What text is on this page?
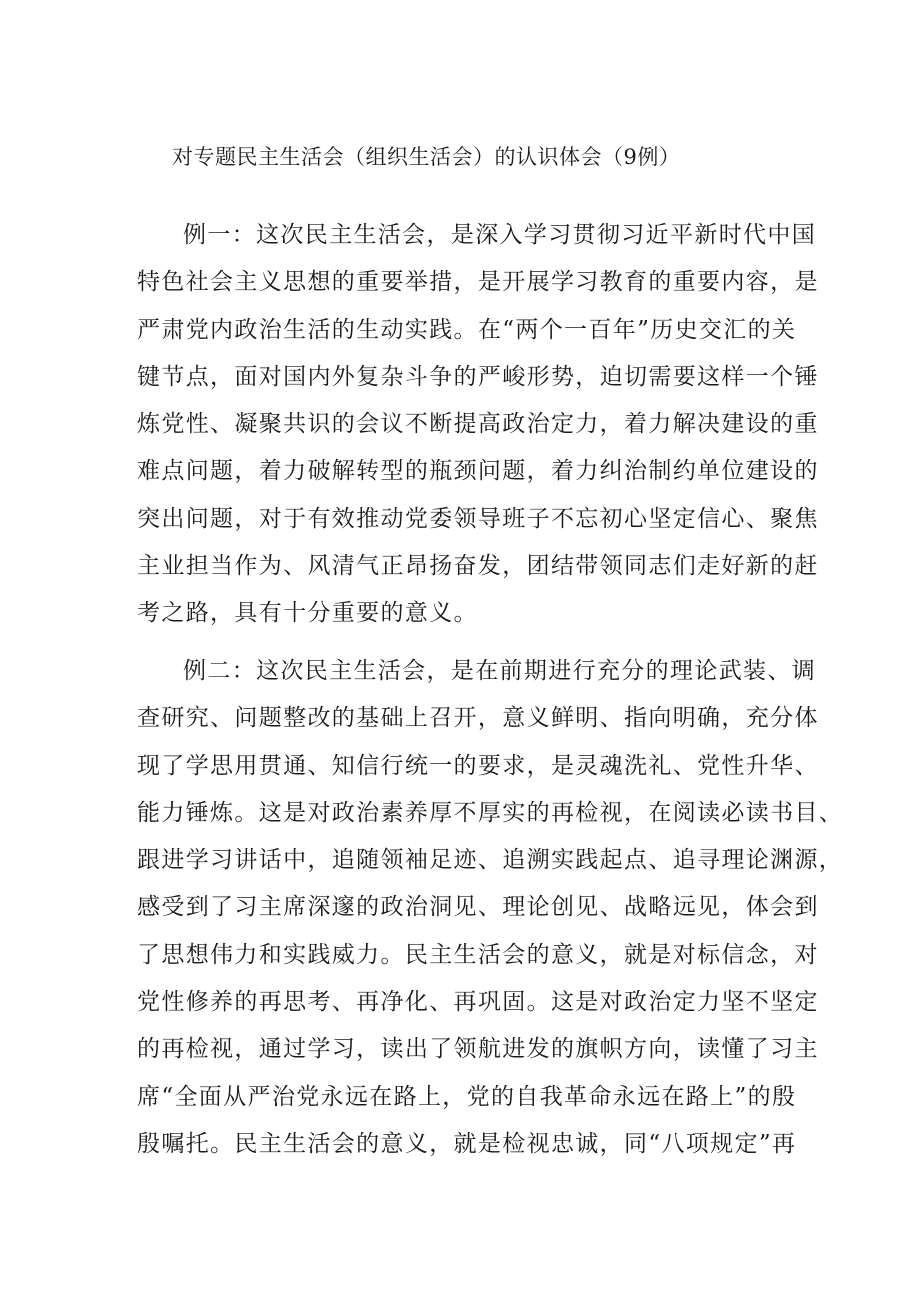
对专题民主生活会（组织生活会）的认识体会（9例）
例一：这次民主生活会，是深入学习贯彻习近平新时代中国
特色社会主义思想的重要举措，是开展学习教育的重要内容，是
严肃党内政治生活的生动实践。在“两个一百年”历史交汇的关
键节点，面对国内外复杂斗争的严峻形势，迫切需要这样一个锤
炼党性、凝聚共识的会议不断提高政治定力，着力解决建设的重
难点问题，着力破解转型的瓶颈问题，着力纠治制约单位建设的
突出问题，对于有效推动党委领导班子不忘初心坚定信心、聚焦
主业担当作为、风清气正昂扬奋发，团结带领同志们走好新的赶
考之路，具有十分重要的意义。
例二：这次民主生活会，是在前期进行充分的理论武装、调
查研究、问题整改的基础上召开，意义鲜明、指向明确，充分体
现了学思用贯通、知信行统一的要求，是灵魂洗礼、党性升华、
能力锤炼。这是对政治素养厚不厚实的再检视，在阅读必读书目、
跟进学习讲话中，追随领袖足迹、追溯实践起点、追寻理论渊源，
感受到了习主席深邃的政治洞见、理论创见、战略远见，体会到
了思想伟力和实践威力。民主生活会的意义，就是对标信念，对
党性修养的再思考、再净化、再巩固。这是对政治定力坚不坚定
的再检视，通过学习，读出了领航进发的旗帜方向，读懂了习主
席“全面从严治党永远在路上，党的自我革命永远在路上”的殷
殷嘱托。民主生活会的意义，就是检视忠诚，同“八项规定”再
